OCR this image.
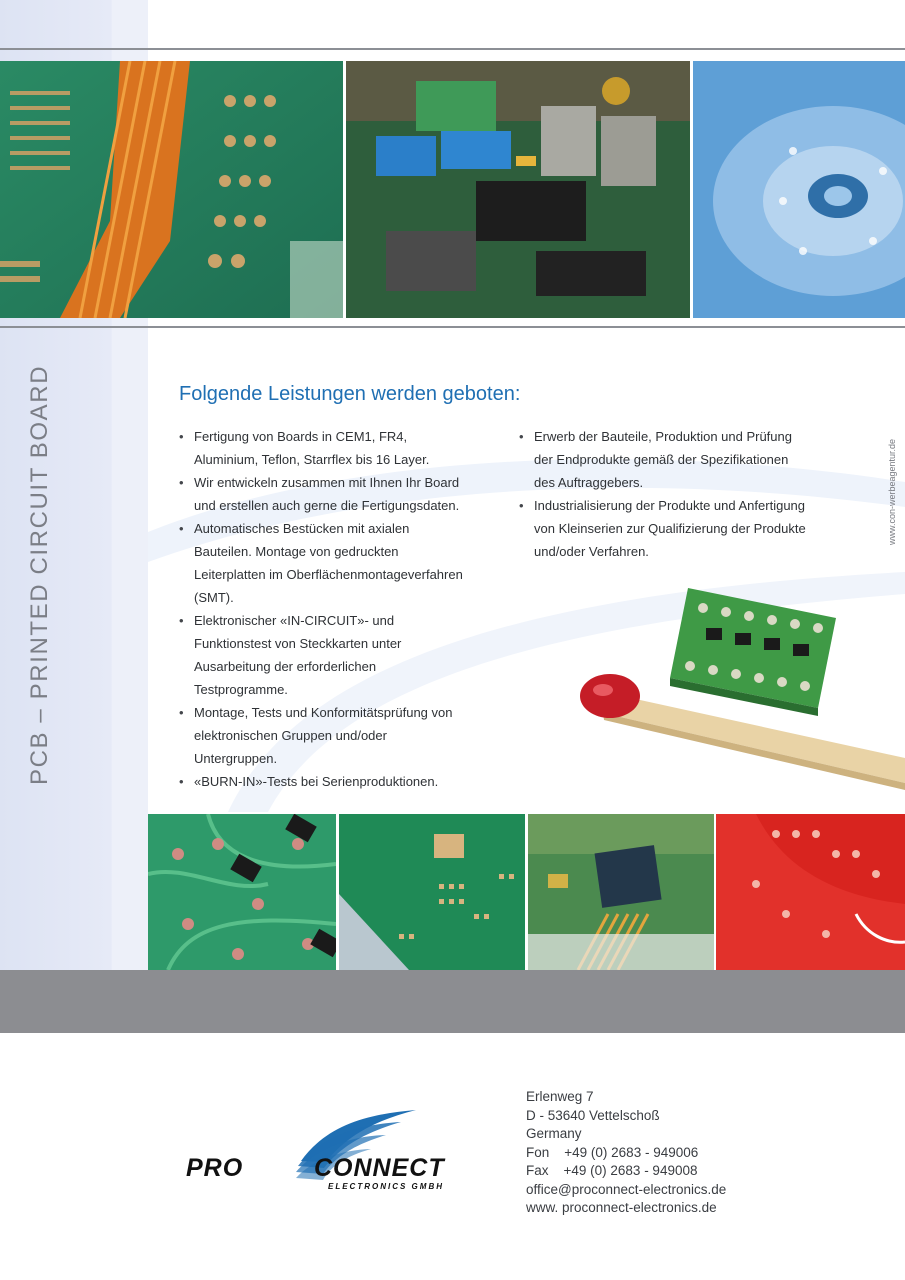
PCB – PRINTED CIRCUIT BOARD	Folgende Leistungen werden geboten:
• Fertigung von Boards in CEM1, FR4, Aluminium, Teflon, Starrflex bis 16 Layer.
• Wir entwickeln zusammen mit Ihnen Ihr Board und erstellen auch gerne die Fertigungsdaten.
• Automatisches Bestücken mit axialen Bauteilen. Montage von gedruckten Leiterplatten im Oberflächenmontageverfahren (SMT).
• Elektronischer «IN-CIRCUIT»- und Funktionstest von Steckkarten unter Ausarbeitung der erforderlichen Testprogramme.
• Montage, Tests und Konformitätsprüfung von elektronischen Gruppen und/oder Untergruppen.
• «BURN-IN»-Tests bei Serienproduktionen.
• Erwerb der Bauteile, Produktion und Prüfung der Endprodukte gemäß der Spezifikationen des Auftraggebers.
• Industrialisierung der Produkte und Anfertigung von Kleinserien zur Qualifizierung der Produkte und/oder Verfahren.
www.con-werbeagentur.de
PRO	CONNECT
ELECTRONICS GMBH
Erlenweg 7
D - 53640 Vettelschoß
Germany
Fon    +49 (0) 2683 - 949006
Fax    +49 (0) 2683 - 949008
office@proconnect-electronics.de
www. proconnect-electronics.de
